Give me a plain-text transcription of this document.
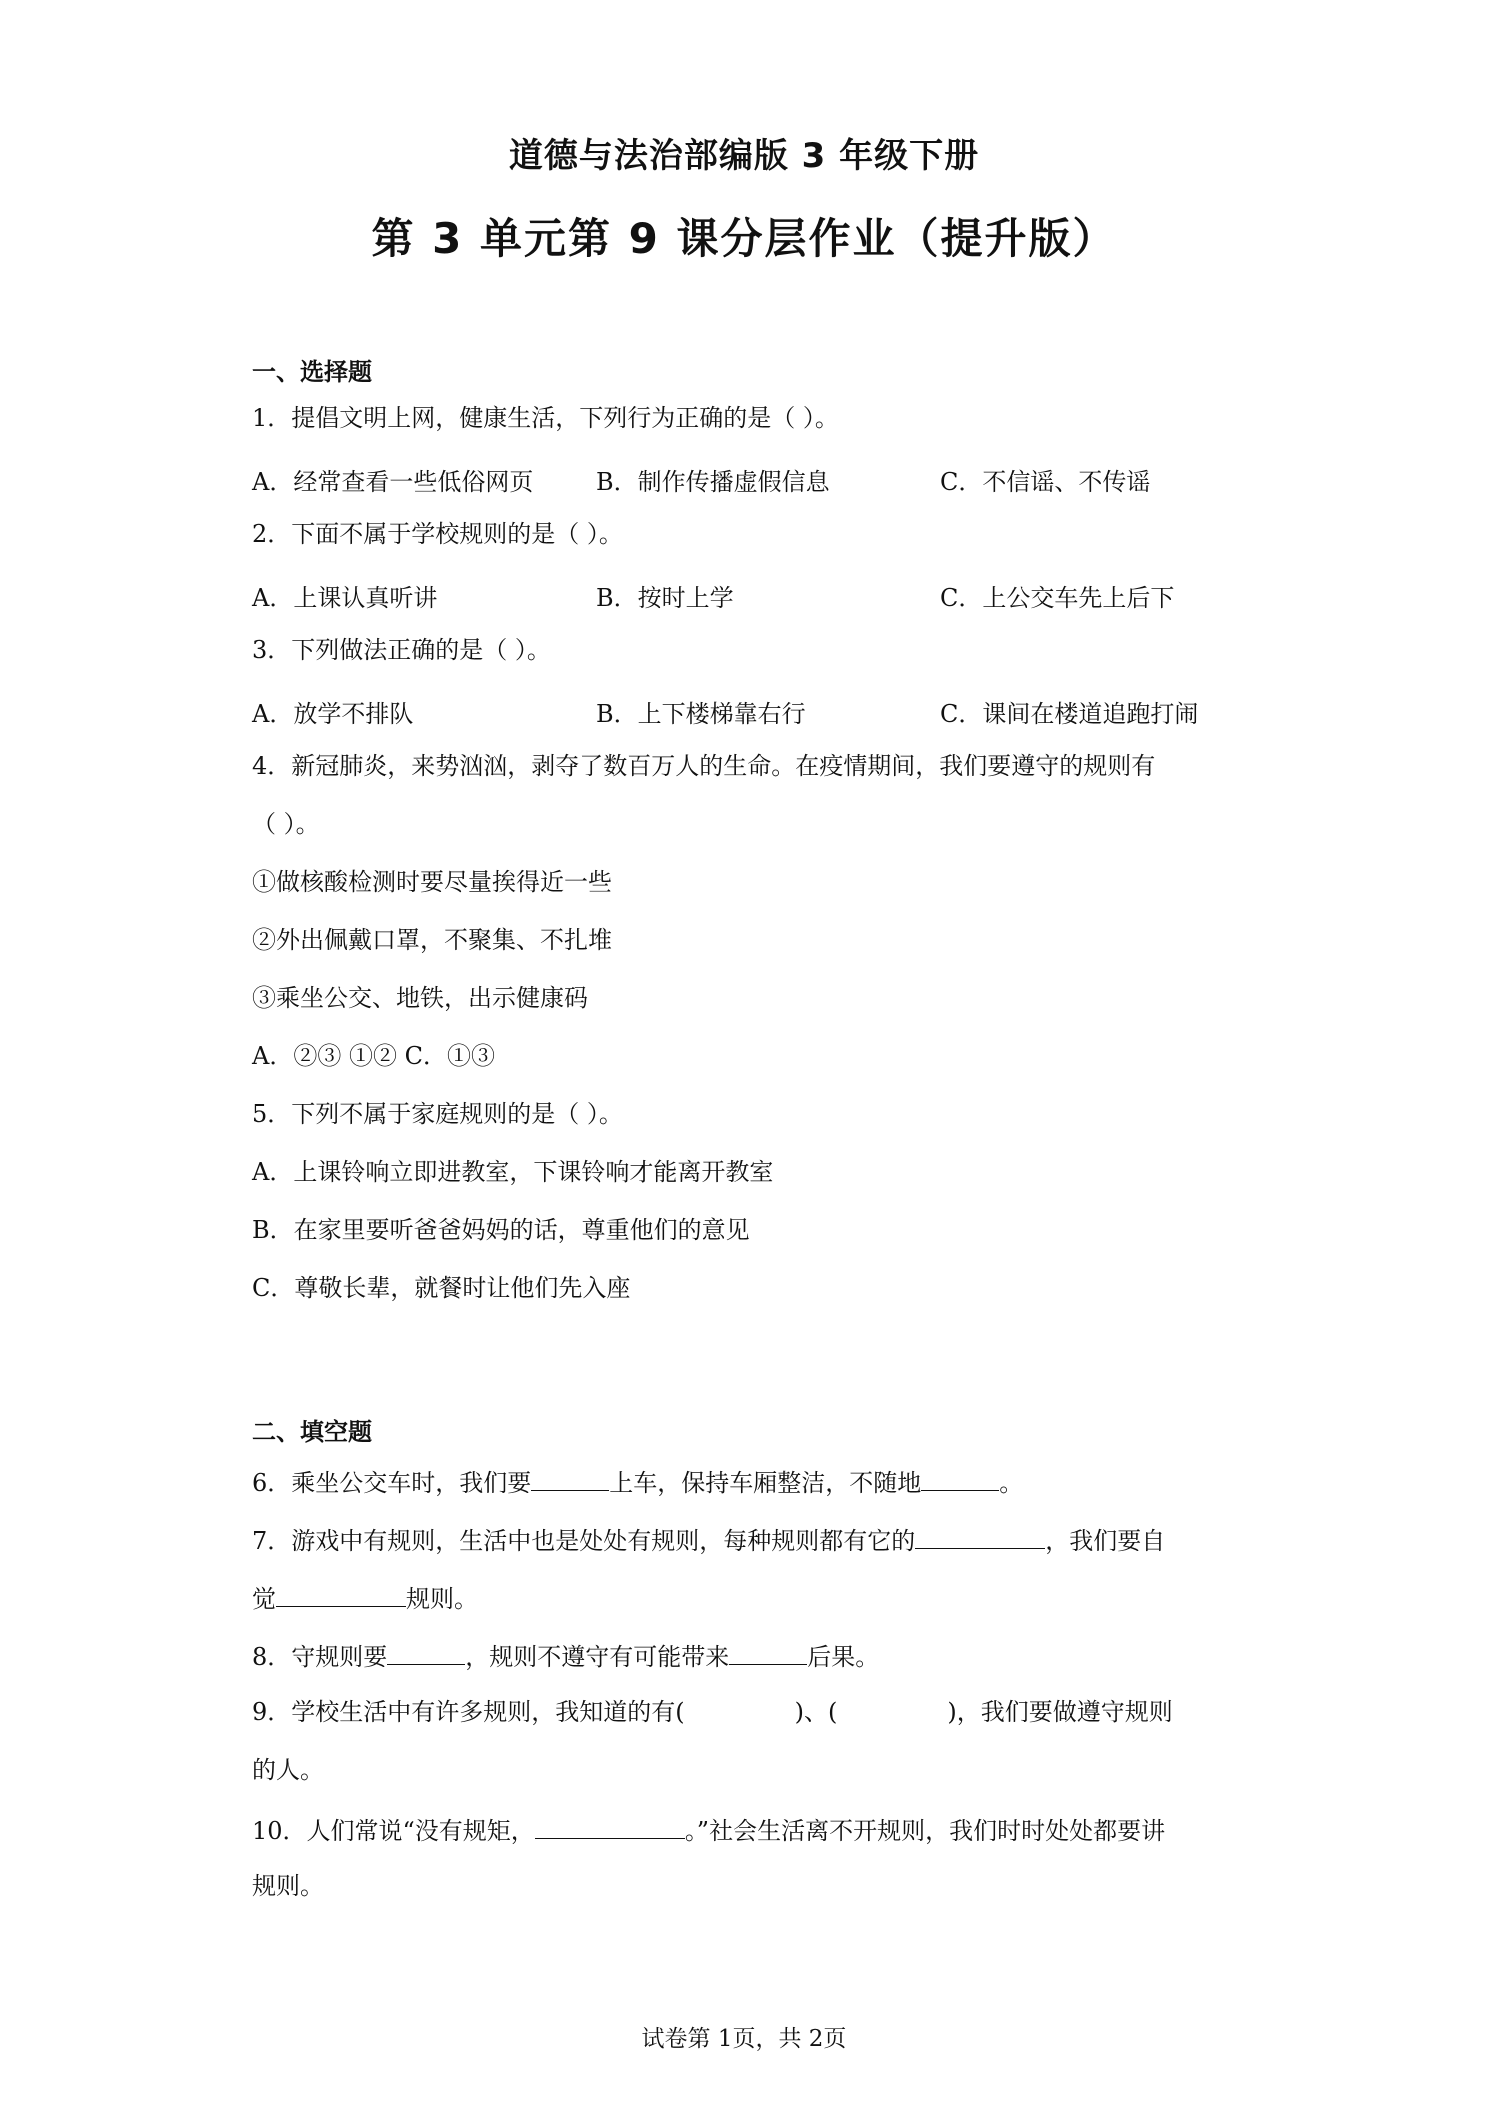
道德与法治部编版 3 年级下册
第 3 单元第 9 课分层作业（提升版）
一、选择题
1．提倡文明上网，健康生活，下列行为正确的是（ ）。
A．经常查看一些低俗网页	B．制作传播虚假信息	C．不信谣、不传谣
2．下面不属于学校规则的是（ ）。
A．上课认真听讲	B．按时上学	C．上公交车先上后下
3．下列做法正确的是（ ）。
A．放学不排队	B．上下楼梯靠右行	C．课间在楼道追跑打闹
4．新冠肺炎，来势汹汹，剥夺了数百万人的生命。在疫情期间，我们要遵守的规则有
（ ）。
①做核酸检测时要尽量挨得近一些
②外出佩戴口罩，不聚集、不扎堆
③乘坐公交、地铁，出示健康码
A．②③ ①② C．①③
5．下列不属于家庭规则的是（ ）。
A．上课铃响立即进教室，下课铃响才能离开教室
B．在家里要听爸爸妈妈的话，尊重他们的意见
C．尊敬长辈，就餐时让他们先入座
二、填空题
6．乘坐公交车时，我们要	上车，保持车厢整洁，不随地	。
7．游戏中有规则，生活中也是处处有规则，每种规则都有它的	，我们要自
觉	规则。
8．守规则要	，规则不遵守有可能带来	后果。
9．学校生活中有许多规则，我知道的有(	)、(	)，我们要做遵守规则
的人。
10．人们常说“没有规矩，	。”社会生活离不开规则，我们时时处处都要讲
规则。
试卷第 1页，共 2页
